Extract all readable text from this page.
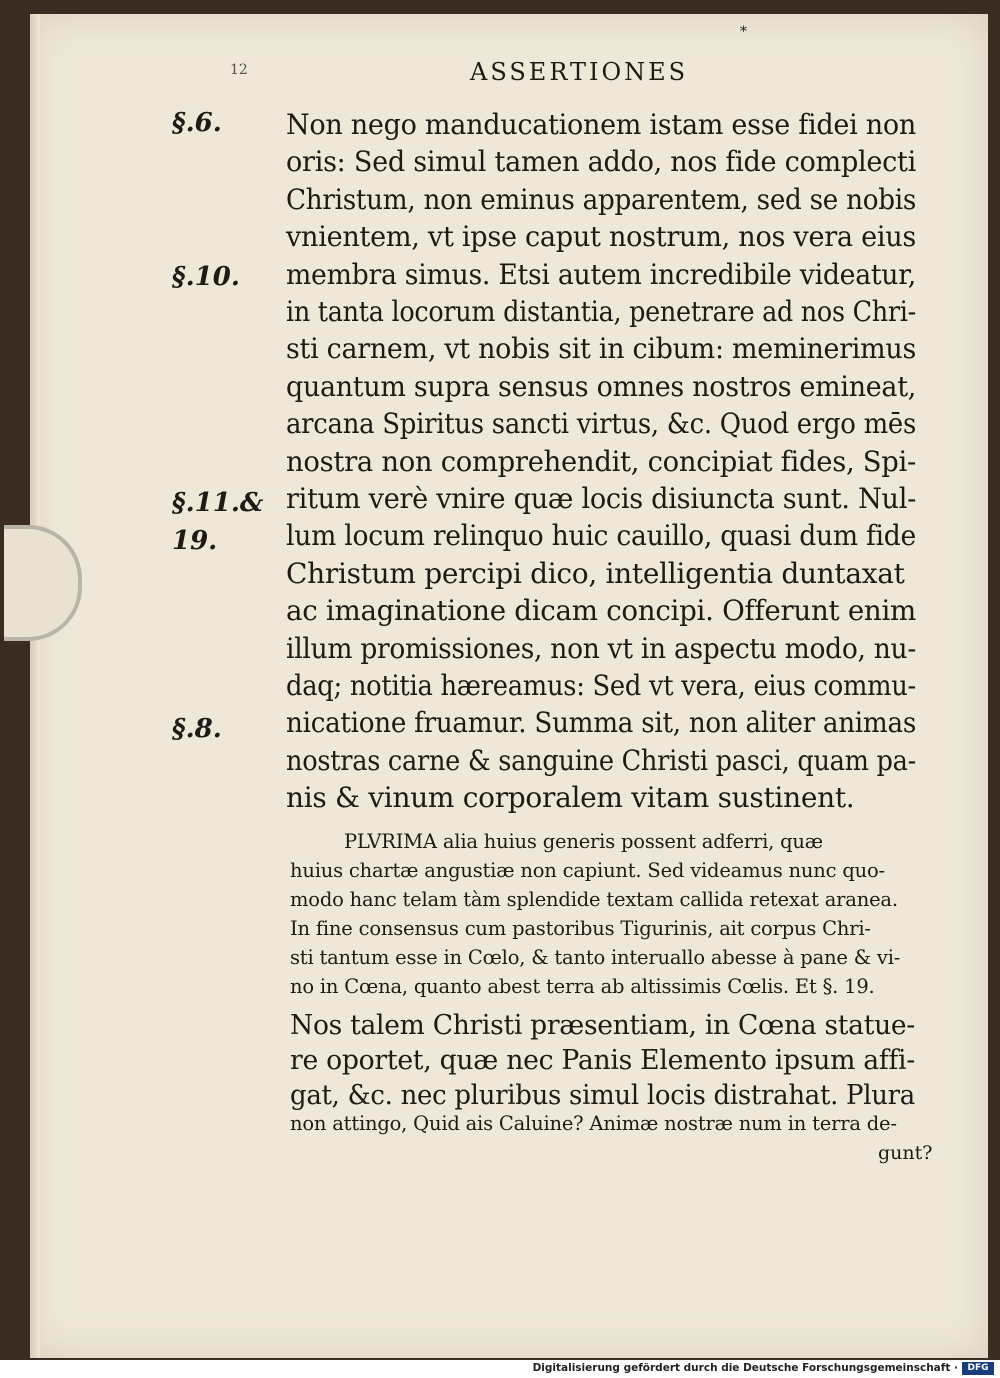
*
12	ASSERTIONES
§.6.
§.10.
§.11.&
19.
§.8.
Non nego manducationem istam esse fidei non
oris: Sed simul tamen addo, nos fide complecti
Christum, non eminus apparentem, sed se nobis
vnientem, vt ipse caput nostrum, nos vera eius
membra simus. Etsi autem incredibile videatur,
in tanta locorum distantia, penetrare ad nos Chri-
sti carnem, vt nobis sit in cibum: meminerimus
quantum supra sensus omnes nostros emineat,
arcana Spiritus sancti virtus, &c. Quod ergo mēs
nostra non comprehendit, concipiat fides, Spi-
ritum verè vnire quæ locis disiuncta sunt. Nul-
lum locum relinquo huic cauillo, quasi dum fide
Christum percipi dico, intelligentia duntaxat
ac imaginatione dicam concipi. Offerunt enim
illum promissiones, non vt in aspectu modo, nu-
daq; notitia hæreamus: Sed vt vera, eius commu-
nicatione fruamur. Summa sit, non aliter animas
nostras carne & sanguine Christi pasci, quam pa-
nis & vinum corporalem vitam sustinent.
PLVRIMA alia huius generis possent adferri, quæ
huius chartæ angustiæ non capiunt. Sed videamus nunc quo-
modo hanc telam tàm splendide textam callida retexat aranea.
In fine consensus cum pastoribus Tigurinis, ait corpus Chri-
sti tantum esse in Cœlo, & tanto interuallo abesse à pane & vi-
no in Cœna, quanto abest terra ab altissimis Cœlis. Et §. 19.
Nos talem Christi præsentiam, in Cœna statue-
re oportet, quæ nec Panis Elemento ipsum affi-
gat, &c. nec pluribus simul locis distrahat. Plura
non attingo, Quid ais Caluine? Animæ nostræ num in terra de-
gunt?
Digitalisierung gefördert durch die Deutsche Forschungsgemeinschaft ·	DFG
